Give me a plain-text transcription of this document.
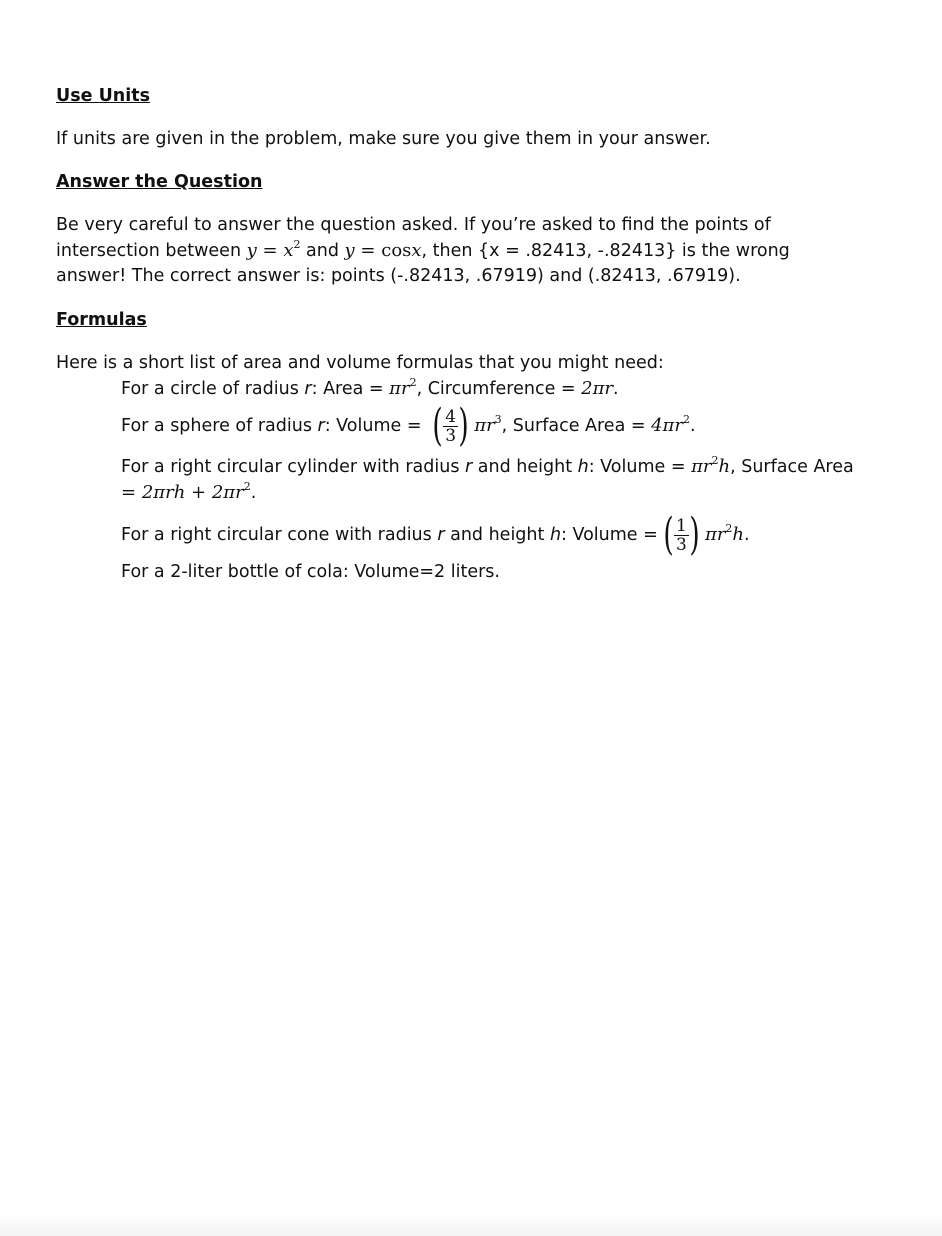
Use Units

If units are given in the problem, make sure you give them in your answer.

Answer the Question

Be very careful to answer the question asked. If you’re asked to find the points of

intersection between $y = x^2$ and y = cosx, then {x = .82413, -.82413} is the wrong

answer! The correct answer is: points (-.82413, .67919) and (.82413, .67919).

Formulas

Here is a short list of area and volume formulas that you might need:

For a circle of radius r: Area = $\pi r^2$, Circumference = 2πr.

For a sphere of radius r: Volume = ( $\frac{4}{3}$ ) $\pi r^3$, Surface Area = $4\pi r^2$.

For a right circular cylinder with radius r and height h: Volume = $\pi r^2h$, Surface Area

= $2\pi rh + 2\pi r^2$.

For a right circular cone with radius r and height h: Volume = ( $\frac{1}{3}$ ) $\pi r^2h$.

For a 2-liter bottle of cola: Volume=2 liters.
